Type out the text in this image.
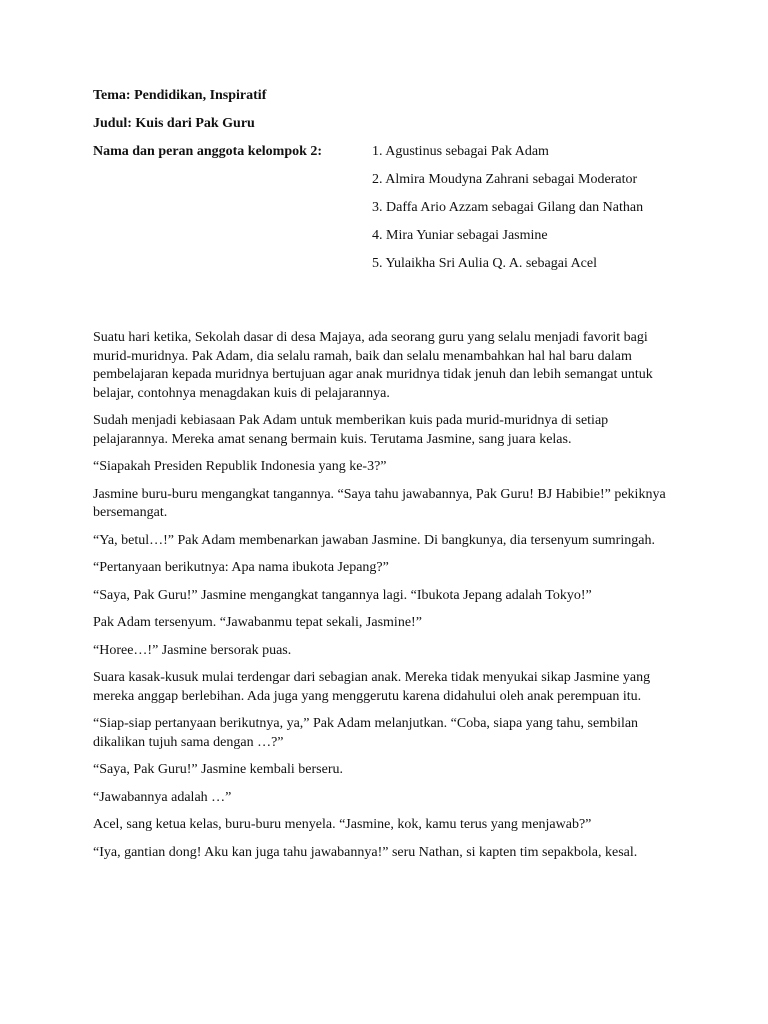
Tema: Pendidikan, Inspiratif

Judul: Kuis dari Pak Guru

Nama dan peran anggota kelompok 2:	1. Agustinus sebagai Pak Adam

2. Almira Moudyna Zahrani sebagai Moderator

3. Daffa Ario Azzam sebagai Gilang dan Nathan

4. Mira Yuniar sebagai Jasmine

5. Yulaikha Sri Aulia Q. A. sebagai Acel

Suatu hari ketika, Sekolah dasar di desa Majaya, ada seorang guru yang selalu menjadi favorit bagi murid-muridnya. Pak Adam, dia selalu ramah, baik dan selalu menambahkan hal hal baru dalam pembelajaran kepada muridnya bertujuan agar anak muridnya tidak jenuh dan lebih semangat untuk belajar, contohnya menagdakan kuis di pelajarannya.

Sudah menjadi kebiasaan Pak Adam untuk memberikan kuis pada murid-muridnya di setiap pelajarannya. Mereka amat senang bermain kuis. Terutama Jasmine, sang juara kelas.

“Siapakah Presiden Republik Indonesia yang ke-3?”

Jasmine buru-buru mengangkat tangannya. “Saya tahu jawabannya, Pak Guru! BJ Habibie!” pekiknya bersemangat.

“Ya, betul…!” Pak Adam membenarkan jawaban Jasmine. Di bangkunya, dia tersenyum sumringah.

“Pertanyaan berikutnya: Apa nama ibukota Jepang?”

“Saya, Pak Guru!” Jasmine mengangkat tangannya lagi. “Ibukota Jepang adalah Tokyo!”

Pak Adam tersenyum. “Jawabanmu tepat sekali, Jasmine!”

“Horee…!” Jasmine bersorak puas.

Suara kasak-kusuk mulai terdengar dari sebagian anak. Mereka tidak menyukai sikap Jasmine yang mereka anggap berlebihan. Ada juga yang menggerutu karena didahului oleh anak perempuan itu.

“Siap-siap pertanyaan berikutnya, ya,” Pak Adam melanjutkan. “Coba, siapa yang tahu, sembilan dikalikan tujuh sama dengan …?”

“Saya, Pak Guru!” Jasmine kembali berseru.

“Jawabannya adalah …”

Acel, sang ketua kelas, buru-buru menyela. “Jasmine, kok, kamu terus yang menjawab?”

“Iya, gantian dong! Aku kan juga tahu jawabannya!” seru Nathan, si kapten tim sepakbola, kesal.
